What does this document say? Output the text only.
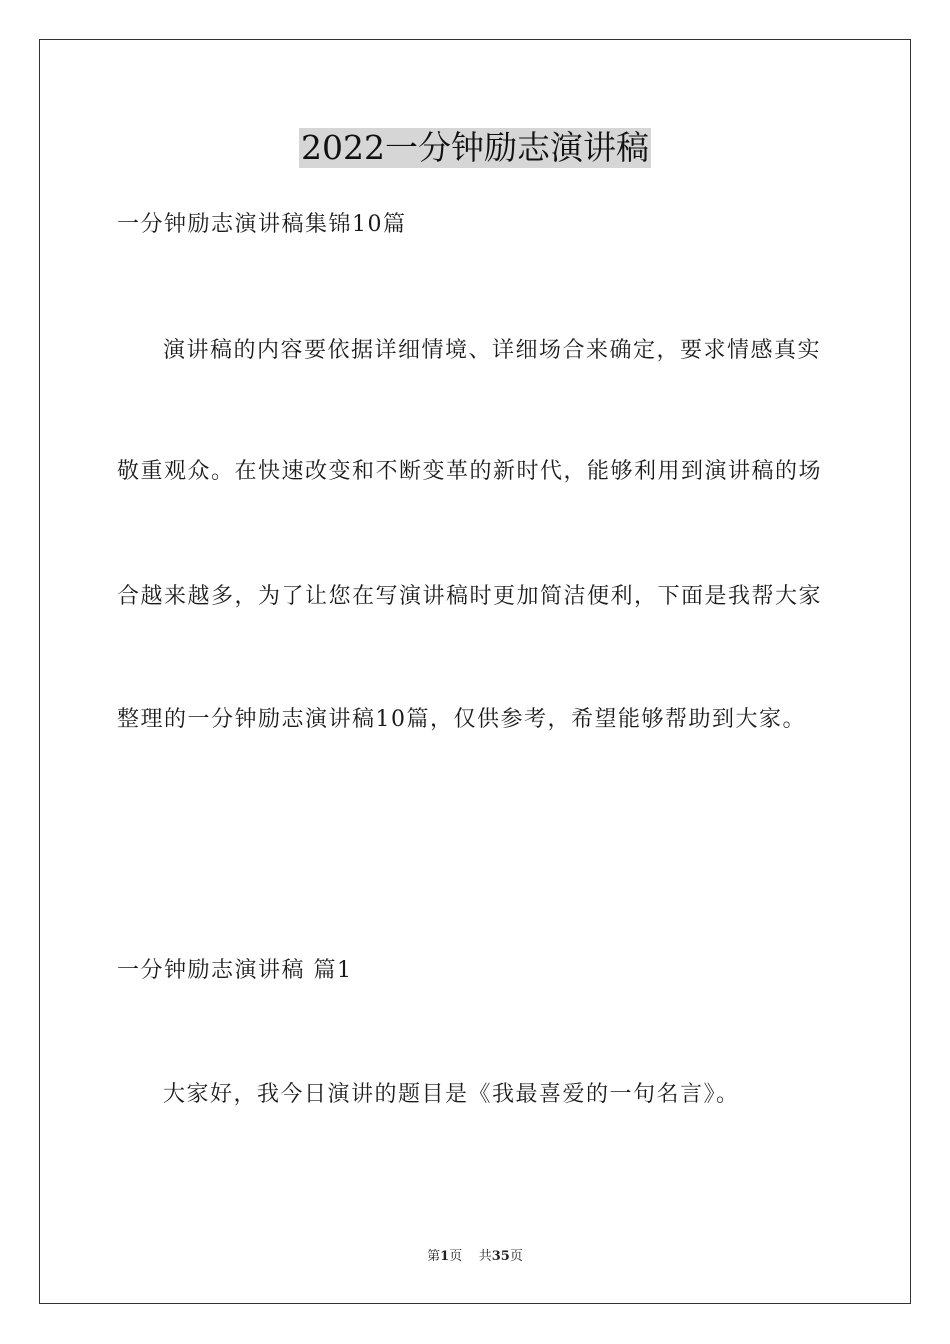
2022一分钟励志演讲稿
一分钟励志演讲稿集锦10篇
演讲稿的内容要依据详细情境、详细场合来确定，要求情感真实
敬重观众。在快速改变和不断变革的新时代，能够利用到演讲稿的场
合越来越多，为了让您在写演讲稿时更加简洁便利，下面是我帮大家
整理的一分钟励志演讲稿10篇，仅供参考，希望能够帮助到大家。
一分钟励志演讲稿 篇1
大家好，我今日演讲的题目是《我最喜爱的一句名言》。
第1页 共35页
